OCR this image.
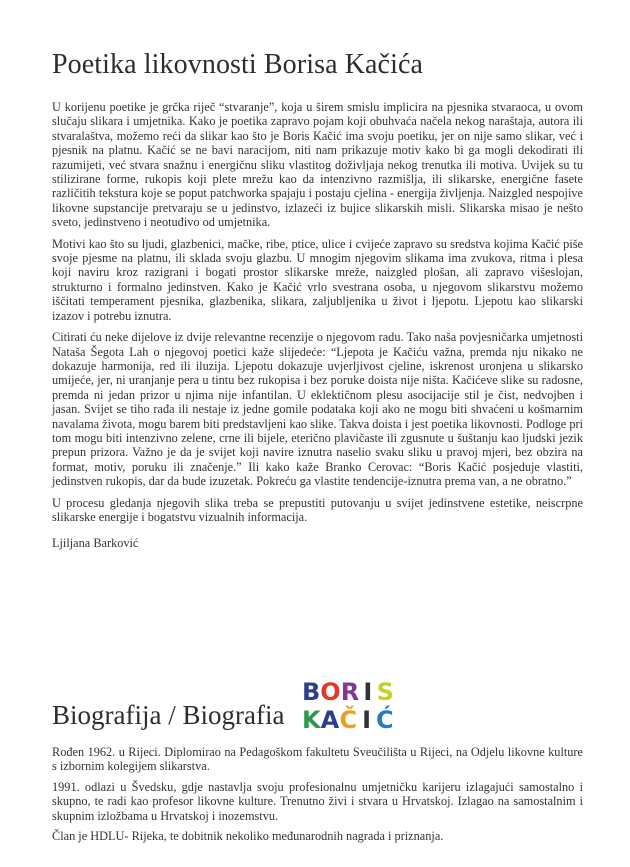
Poetika likovnosti Borisa Kačića

U korijenu poetike je grčka riječ “stvaranje”, koja u širem smislu implicira na pjesnika stvaraoca, u ovom slučaju slikara i umjetnika. Kako je poetika zapravo pojam koji obuhvaća načela nekog naraštaja, autora ili stvaralaštva, možemo reći da slikar kao što je Boris Kačić ima svoju poetiku, jer on nije samo slikar, već i pjesnik na platnu. Kačić se ne bavi naracijom, niti nam prikazuje motiv kako bi ga mogli dekodirati ili razumijeti, već stvara snažnu i energičnu sliku vlastitog doživljaja nekog trenutka ili motiva. Uvijek su tu stilizirane forme, rukopis koji plete mrežu kao da intenzivno razmišlja, ili slikarske, energične fasete različitih tekstura koje se poput patchworka spajaju i postaju cjelina - energija življenja. Naizgled nespojive likovne supstancije pretvaraju se u jedinstvo, izlazeći iz bujice slikarskih misli. Slikarska misao je nešto sveto, jedinstveno i neotuđivo od umjetnika.

Motivi kao što su ljudi, glazbenici, mačke, ribe, ptice, ulice i cvijeće zapravo su sredstva kojima Kačić piše svoje pjesme na platnu, ili sklada svoju glazbu. U mnogim njegovim slikama ima zvukova, ritma i plesa koji naviru kroz razigrani i bogati prostor slikarske mreže, naizgled plošan, ali zapravo višeslojan, strukturno i formalno jedinstven. Kako je Kačić vrlo svestrana osoba, u njegovom slikarstvu možemo iščitati temperament pjesnika, glazbenika, slikara, zaljubljenika u život i ljepotu. Ljepotu kao slikarski izazov i potrebu iznutra.

Citirati ću neke dijelove iz dvije relevantne recenzije o njegovom radu. Tako naša povjesničarka umjetnosti Nataša Šegota Lah o njegovoj poetici kaže slijedeće: “Ljepota je Kačiću važna, premda nju nikako ne dokazuje harmonija, red ili iluzija. Ljepotu dokazuje uvjerljivost cjeline, iskrenost uronjena u slikarsko umijeće, jer, ni uranjanje pera u tintu bez rukopisa i bez poruke doista nije ništa. Kačićeve slike su radosne, premda ni jedan prizor u njima nije infantilan. U eklektičnom plesu asocijacije stil je čist, nedvojben i jasan. Svijet se tiho rađa ili nestaje iz jedne gomile podataka koji ako ne mogu biti shvaćeni u košmarnim navalama života, mogu barem biti predstavljeni kao slike. Takva doista i jest poetika likovnosti. Podloge pri tom mogu biti intenzivno zelene, crne ili bijele, eterično plavičaste ili zgusnute u šuštanju kao ljudski jezik prepun prizora. Važno je da je svijet koji navire iznutra naselio svaku sliku u pravoj mjeri, bez obzira na format, motiv, poruku ili značenje.” Ili kako kaže Branko Cerovac: “Boris Kačić posjeduje vlastiti, jedinstven rukopis, dar da bude izuzetak. Pokreću ga vlastite tendencije-iznutra prema van, a ne obratno.”

U procesu gledanja njegovih slika treba se prepustiti putovanju u svijet jedinstvene estetike, neiscrpne slikarske energije i bogatstvu vizualnih informacija.

Ljiljana Barković

Biografija / Biografia
B O R I S
K A Č I Ć

Rođen 1962. u Rijeci. Diplomirao na Pedagoškom fakultetu Sveučilišta u Rijeci, na Odjelu likovne kulture s izbornim kolegijem slikarstva.

1991. odlazi u Švedsku, gdje nastavlja svoju profesionalnu umjetničku karijeru izlagajući samostalno i skupno, te radi kao profesor likovne kulture. Trenutno živi i stvara u Hrvatskoj. Izlagao na samostalnim i skupnim izložbama u Hrvatskoj i inozemstvu.

Član je HDLU- Rijeka, te dobitnik nekoliko međunarodnih nagrada i priznanja.
